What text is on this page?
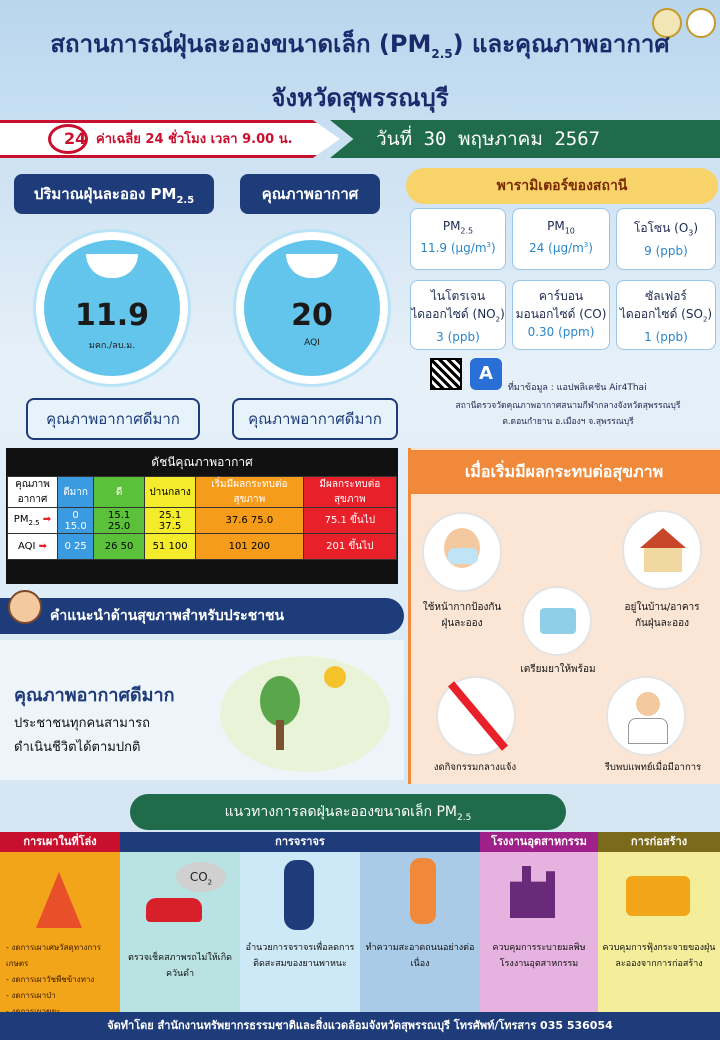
สถานการณ์ฝุ่นละอองขนาดเล็ก $(PM_{2.5})$ และคุณภาพอากาศ
จังหวัดสุพรรณบุรี
24 ค่าเฉลี่ย 24 ชั่วโมง เวลา 9.00 น.	วันที่ 30 พฤษภาคม 2567
ปริมาณฝุ่นละออง $PM_{2.5}$
11.9
มคก./ลบ.ม.
คุณภาพอากาศดีมาก
คุณภาพอากาศ
20
AQI
คุณภาพอากาศดีมาก
พารามิเตอร์ของสถานี
$PM_{2.5}$
11.9 $(\mu g/m^3)$
$PM_{10}$
24 $(\mu g/m^3)$
โอโซน $(O_3)$
9 (ppb)
ไนโตรเจน
ไดออกไซด์ $(NO_2)$
3 (ppb)
คาร์บอน
มอนอกไซด์ (CO)
0.30 (ppm)
ซัลเฟอร์
ไดออกไซด์ $(SO_2)$
1 (ppb)
A
ที่มาข้อมูล : แอปพลิเคชัน Air4Thai
สถานีตรวจวัดคุณภาพอากาศสนามกีฬากลางจังหวัดสุพรรณบุรี
ต.ดอนกำยาน อ.เมืองฯ จ.สุพรรณบุรี
ดัชนีคุณภาพอากาศ
คุณภาพ อากาศ	ดีมาก	ดี	ปานกลาง	เริ่มมีผลกระทบต่อสุขภาพ	มีผลกระทบต่อสุขภาพ
$PM_{2.5}$ ➡	0 15.0	15.1 25.0	25.1 37.5	37.6 75.0	75.1 ขึ้นไป
AQI ➡	0 25	26 50	51 100	101 200	201 ขึ้นไป
คำแนะนำด้านสุขภาพสำหรับประชาชน
คุณภาพอากาศดีมาก
ประชาชนทุกคนสามารถ
ดำเนินชีวิตได้ตามปกติ
เมื่อเริ่มมีผลกระทบต่อสุขภาพ
ใช้หน้ากากป้องกัน
ฝุ่นละออง
อยู่ในบ้าน/อาคาร
กันฝุ่นละออง
เตรียมยาให้พร้อม
งดกิจกรรมกลางแจ้ง	รีบพบแพทย์เมื่อมีอาการ
แนวทางการลดฝุ่นละอองขนาดเล็ก $PM_{2.5}$
การเผาในที่โล่ง	การจราจร	โรงงานอุตสาหกรรม	การก่อสร้าง
- งดการเผาเศษวัสดุทางการเกษตร
- งดการเผาวัชพืชข้างทาง
- งดการเผาป่า
$CO_2$
ตรวจเช็คสภาพรถไม่ให้เกิดควันดำ
อำนวยการจราจรเพื่อลดการติดสะสมของยานพาหนะ
ทำความสะอาดถนนอย่างต่อเนื่อง
ควบคุมการระบายมลพิษโรงงานอุตสาหกรรม
ควบคุมการฟุ้งกระจายของฝุ่นละอองจากการก่อสร้าง
จัดทำโดย สำนักงานทรัพยากรธรรมชาติและสิ่งแวดล้อมจังหวัดสุพรรณบุรี โทรศัพท์/โทรสาร 035 536054
